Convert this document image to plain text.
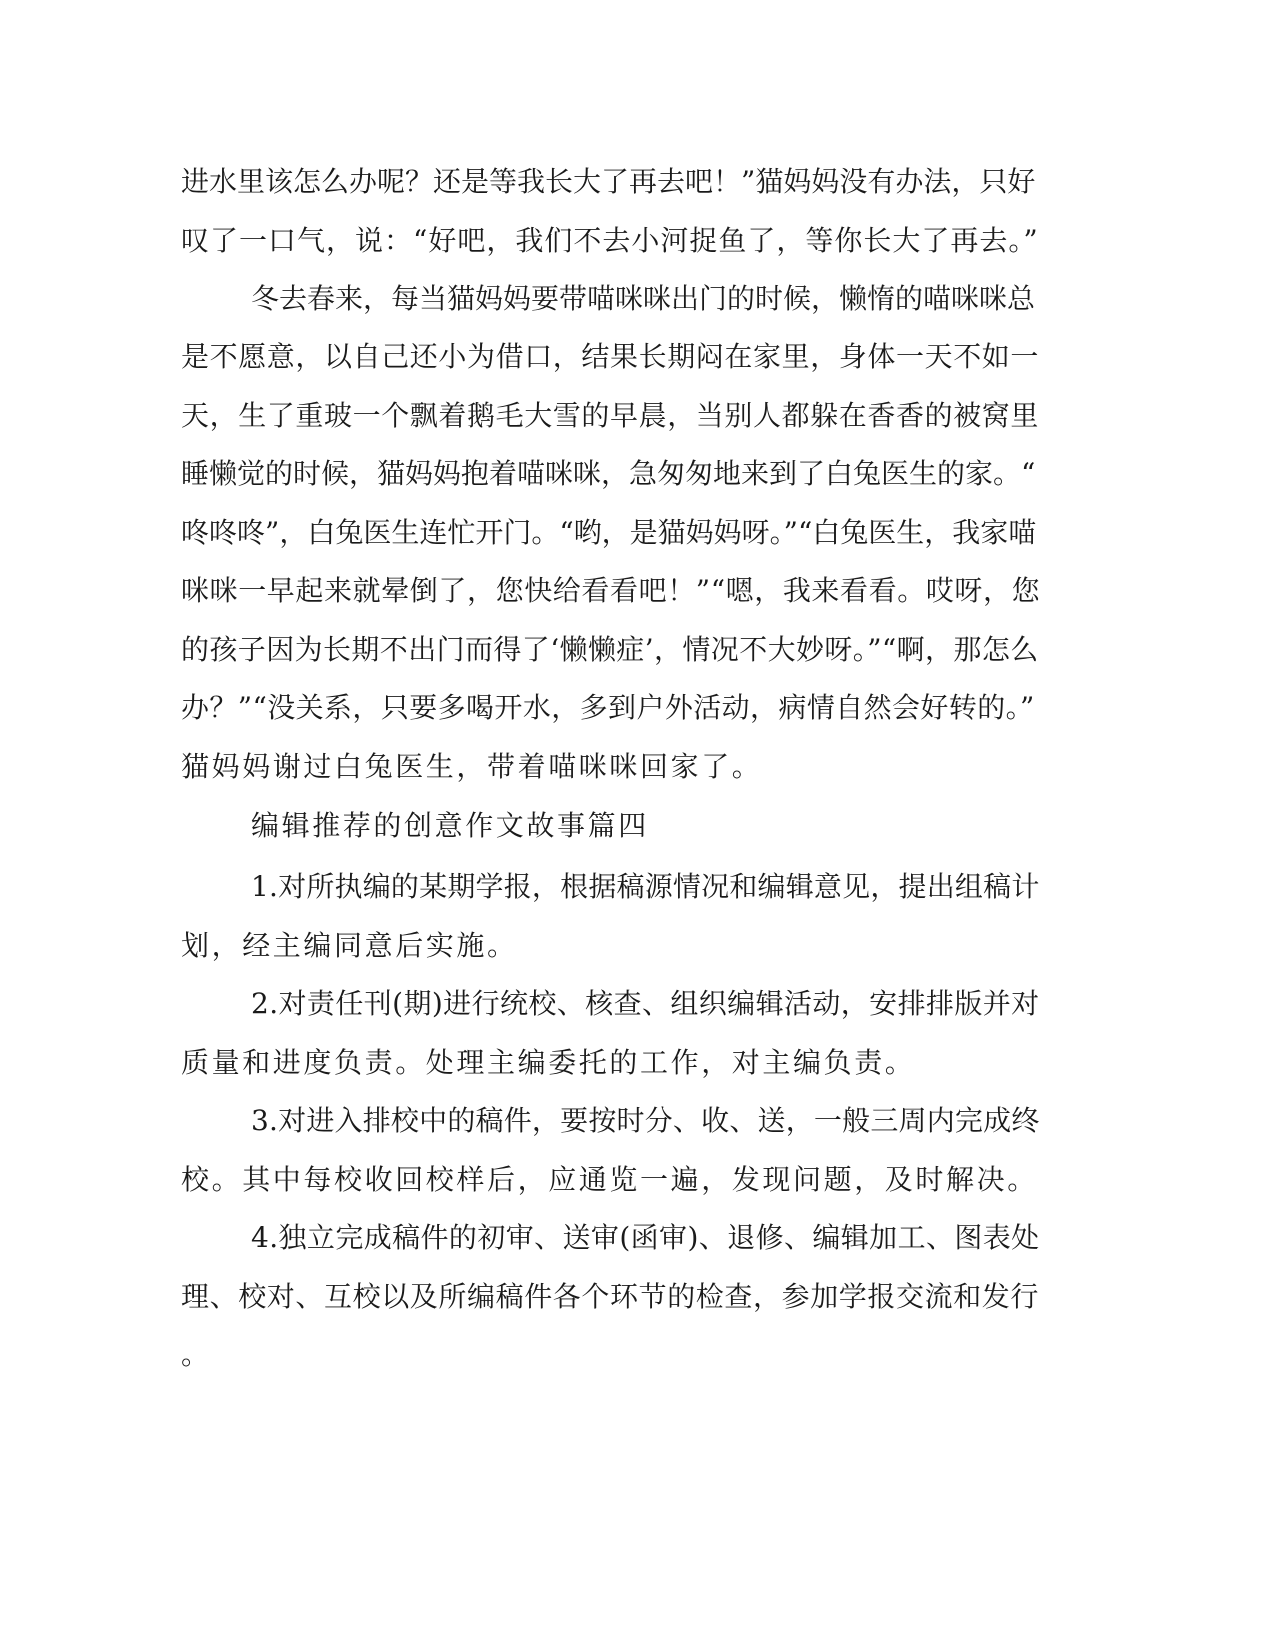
进水里该怎么办呢？还是等我长大了再去吧！”猫妈妈没有办法，只好

叹了一口气，说：“好吧，我们不去小河捉鱼了，等你长大了再去。”

冬去春来，每当猫妈妈要带喵咪咪出门的时候，懒惰的喵咪咪总

是不愿意，以自己还小为借口，结果长期闷在家里，身体一天不如一

天，生了重玻一个飘着鹅毛大雪的早晨，当别人都躲在香香的被窝里

睡懒觉的时候，猫妈妈抱着喵咪咪，急匆匆地来到了白兔医生的家。“

咚咚咚”，白兔医生连忙开门。“哟，是猫妈妈呀。”“白兔医生，我家喵

咪咪一早起来就晕倒了，您快给看看吧！”“嗯，我来看看。哎呀，您

的孩子因为长期不出门而得了‘懒懒症’，情况不大妙呀。”“啊，那怎么

办？”“没关系，只要多喝开水，多到户外活动，病情自然会好转的。”

猫妈妈谢过白兔医生，带着喵咪咪回家了。

编辑推荐的创意作文故事篇四

1.对所执编的某期学报，根据稿源情况和编辑意见，提出组稿计

划，经主编同意后实施。

2.对责任刊(期)进行统校、核查、组织编辑活动，安排排版并对

质量和进度负责。处理主编委托的工作，对主编负责。

3.对进入排校中的稿件，要按时分、收、送，一般三周内完成终

校。其中每校收回校样后，应通览一遍，发现问题，及时解决。

4.独立完成稿件的初审、送审(函审)、退修、编辑加工、图表处

理、校对、互校以及所编稿件各个环节的检查，参加学报交流和发行

。
